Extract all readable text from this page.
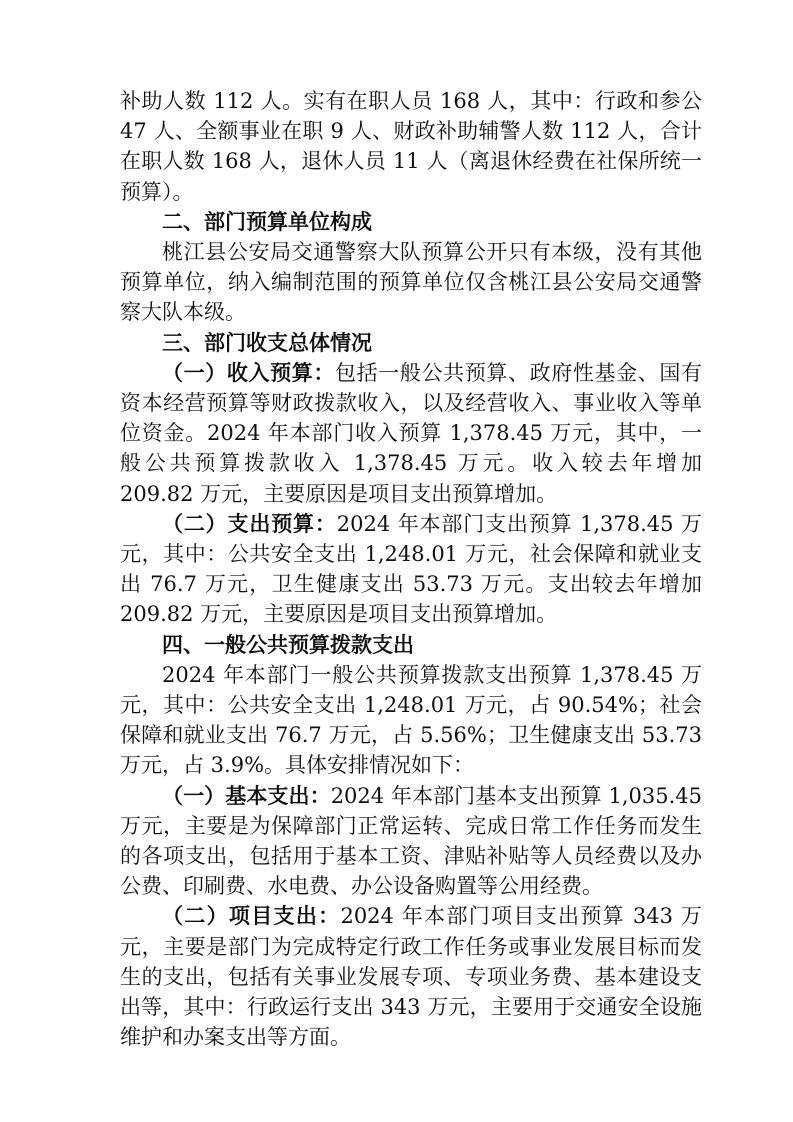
补助人数 112 人。实有在职人员 168 人，其中：行政和参公 47 人、全额事业在职 9 人、财政补助辅警人数 112 人，合计在职人数 168 人，退休人员 11 人（离退休经费在社保所统一预算）。

二、部门预算单位构成

桃江县公安局交通警察大队预算公开只有本级，没有其他预算单位，纳入编制范围的预算单位仅含桃江县公安局交通警察大队本级。

三、部门收支总体情况

（一）收入预算：包括一般公共预算、政府性基金、国有资本经营预算等财政拨款收入，以及经营收入、事业收入等单位资金。2024 年本部门收入预算 1,378.45 万元，其中，一般公共预算拨款收入 1,378.45 万元。收入较去年增加 209.82 万元，主要原因是项目支出预算增加。

（二）支出预算：2024 年本部门支出预算 1,378.45 万元，其中：公共安全支出 1,248.01 万元，社会保障和就业支出 76.7 万元，卫生健康支出 53.73 万元。支出较去年增加 209.82 万元，主要原因是项目支出预算增加。

四、一般公共预算拨款支出

2024 年本部门一般公共预算拨款支出预算 1,378.45 万元，其中：公共安全支出 1,248.01 万元，占 90.54%；社会保障和就业支出 76.7 万元，占 5.56%；卫生健康支出 53.73 万元，占 3.9%。具体安排情况如下：

（一）基本支出：2024 年本部门基本支出预算 1,035.45 万元，主要是为保障部门正常运转、完成日常工作任务而发生的各项支出，包括用于基本工资、津贴补贴等人员经费以及办公费、印刷费、水电费、办公设备购置等公用经费。

（二）项目支出：2024 年本部门项目支出预算 343 万元，主要是部门为完成特定行政工作任务或事业发展目标而发生的支出，包括有关事业发展专项、专项业务费、基本建设支出等，其中：行政运行支出 343 万元，主要用于交通安全设施维护和办案支出等方面。
